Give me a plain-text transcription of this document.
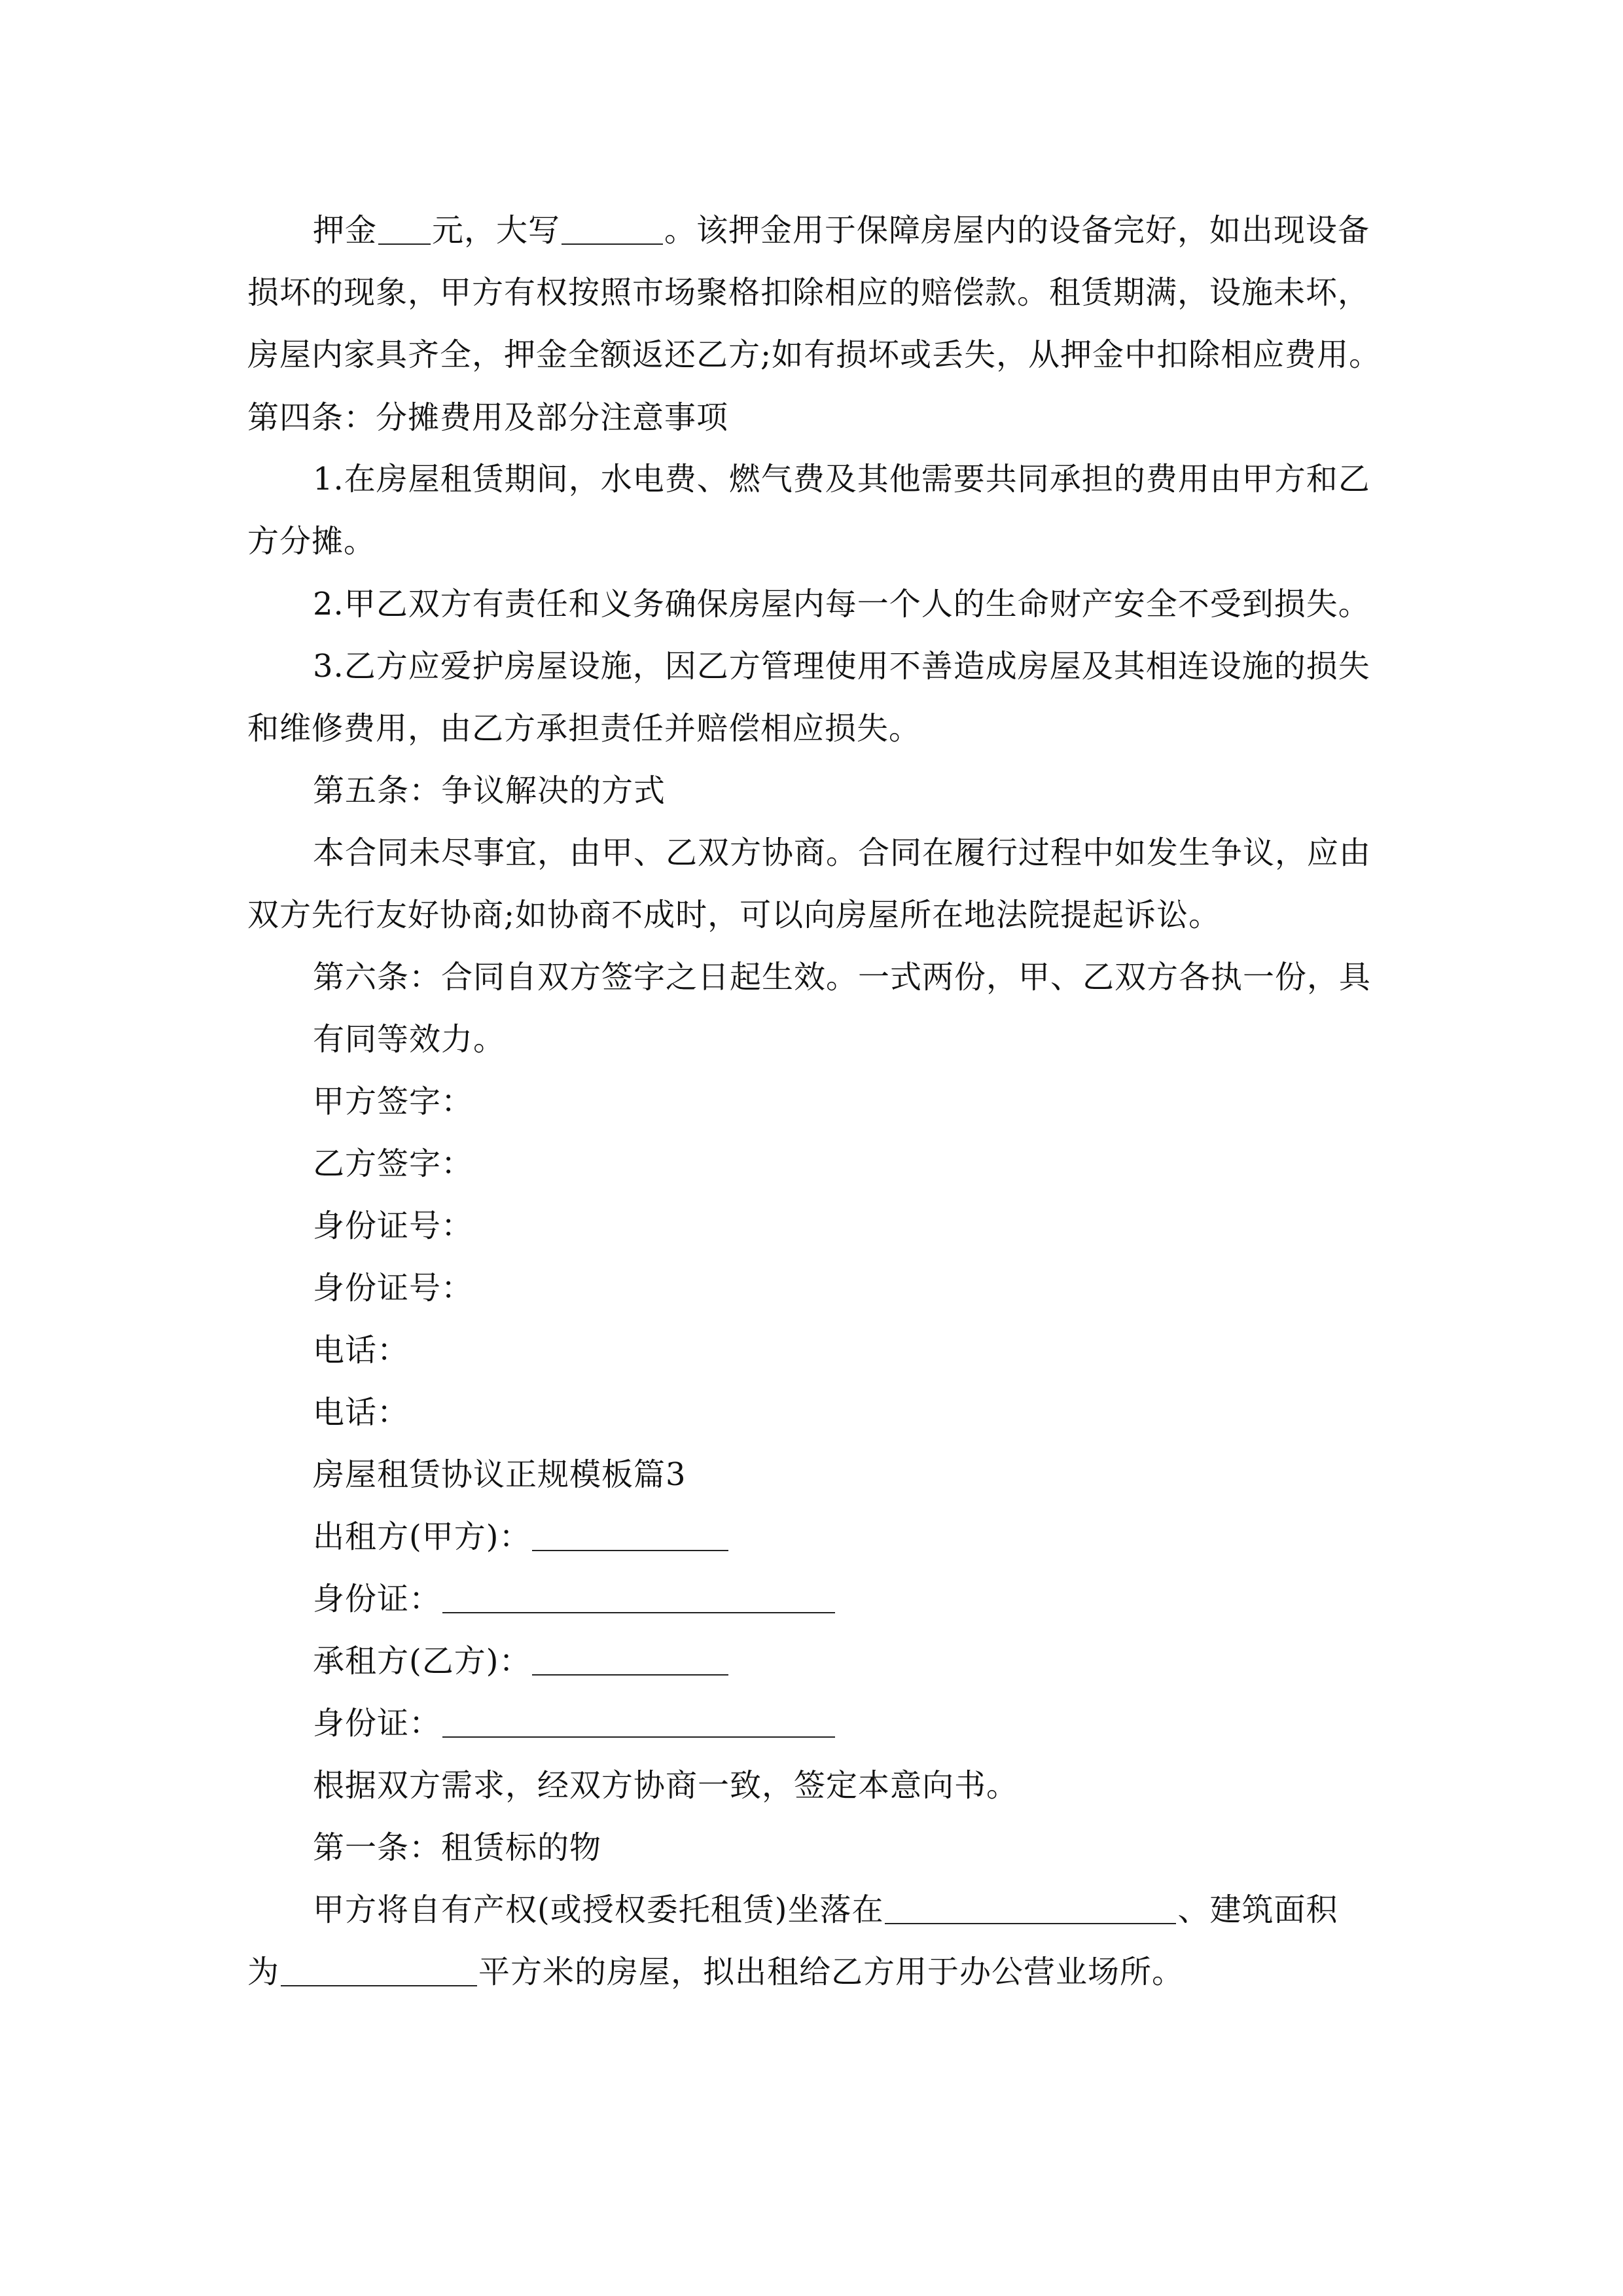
押金 元，大写	。该押金用于保障房屋内的设备完好，如出现设备
损坏的现象，甲方有权按照市场聚格扣除相应的赔偿款。租赁期满，设施未坏，
房屋内家具齐全，押金全额返还乙方;如有损坏或丢失，从押金中扣除相应费用。
第四条：分摊费用及部分注意事项
1.在房屋租赁期间，水电费、燃气费及其他需要共同承担的费用由甲方和乙
方分摊。
2.甲乙双方有责任和义务确保房屋内每一个人的生命财产安全不受到损失。
3.乙方应爱护房屋设施，因乙方管理使用不善造成房屋及其相连设施的损失
和维修费用，由乙方承担责任并赔偿相应损失。
第五条：争议解决的方式
本合同未尽事宜，由甲、乙双方协商。合同在履行过程中如发生争议，应由
双方先行友好协商;如协商不成时，可以向房屋所在地法院提起诉讼。
第六条：合同自双方签字之日起生效。一式两份，甲、乙双方各执一份，具
有同等效力。
甲方签字：
乙方签字：
身份证号：
身份证号：
电话：
电话：
房屋租赁协议正规模板篇3
出租方(甲方)：
身份证：
承租方(乙方)：
身份证：
根据双方需求，经双方协商一致，签定本意向书。
第一条：租赁标的物
甲方将自有产权(或授权委托租赁)坐落在	、建筑面积
为	平方米的房屋，拟出租给乙方用于办公营业场所。
